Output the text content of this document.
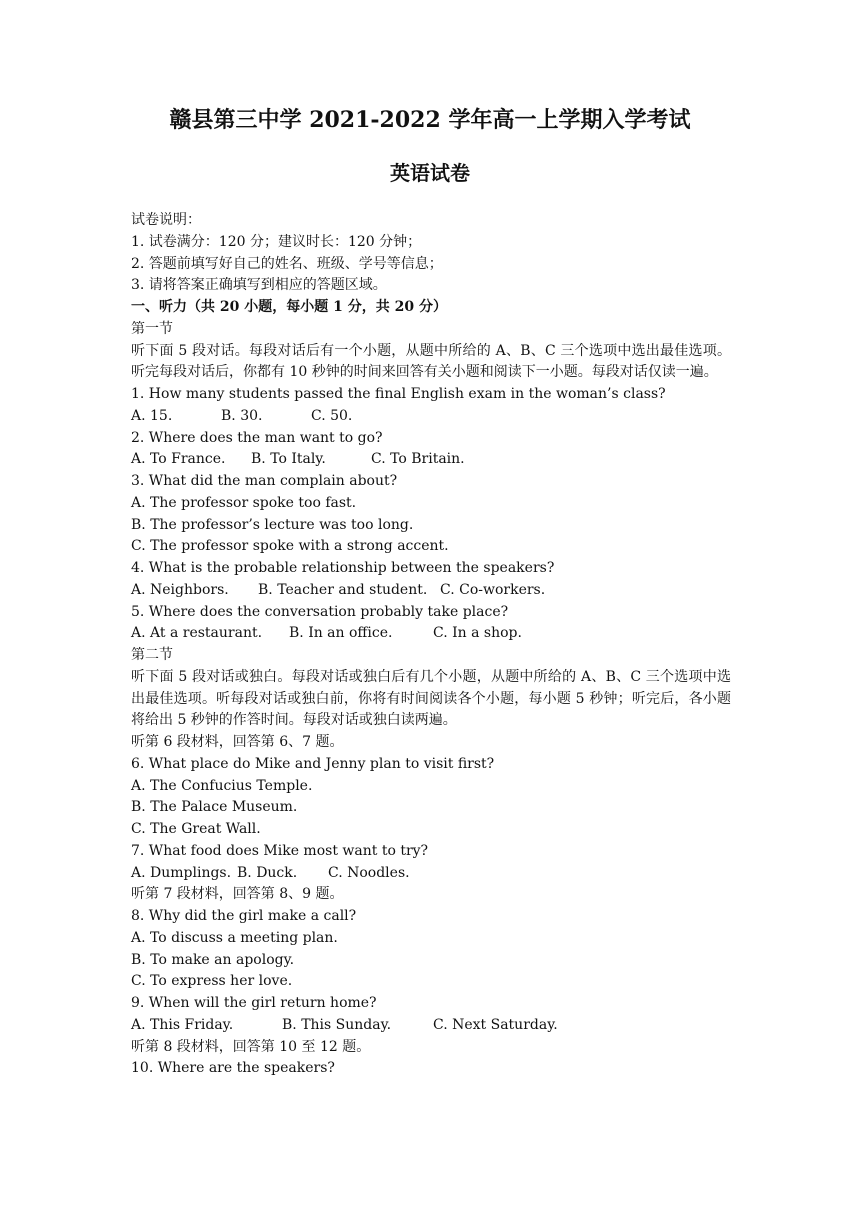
赣县第三中学 2021-2022 学年高一上学期入学考试
英语试卷
试卷说明：
1. 试卷满分：120 分；建议时长：120 分钟；
2. 答题前填写好自己的姓名、班级、学号等信息；
3. 请将答案正确填写到相应的答题区域。
一、听力（共 20 小题，每小题 1 分，共 20 分）
第一节
听下面 5 段对话。每段对话后有一个小题，从题中所给的 A、B、C 三个选项中选出最佳选项。听完每段对话后，你都有 10 秒钟的时间来回答有关小题和阅读下一小题。每段对话仅读一遍。
1. How many students passed the final English exam in the woman’s class?
A. 15.	B. 30.	C. 50.
2. Where does the man want to go?
A. To France. B. To Italy.	C. To Britain.
3. What did the man complain about?
A. The professor spoke too fast.
B. The professor’s lecture was too long.
C. The professor spoke with a strong accent.
4. What is the probable relationship between the speakers?
A. Neighbors. B. Teacher and student. C. Co-workers.
5. Where does the conversation probably take place?
A. At a restaurant. B. In an office.	C. In a shop.
第二节
听下面 5 段对话或独白。每段对话或独白后有几个小题，从题中所给的 A、B、C 三个选项中选出最佳选项。听每段对话或独白前，你将有时间阅读各个小题，每小题 5 秒钟；听完后，各小题将给出 5 秒钟的作答时间。每段对话或独白读两遍。
听第 6 段材料，回答第 6、7 题。
6. What place do Mike and Jenny plan to visit first?
A. The Confucius Temple.
B. The Palace Museum.
C. The Great Wall.
7. What food does Mike most want to try?
A. Dumplings. B. Duck. C. Noodles.
听第 7 段材料，回答第 8、9 题。
8. Why did the girl make a call?
A. To discuss a meeting plan.
B. To make an apology.
C. To express her love.
9. When will the girl return home?
A. This Friday.	B. This Sunday.	C. Next Saturday.
听第 8 段材料，回答第 10 至 12 题。
10. Where are the speakers?
